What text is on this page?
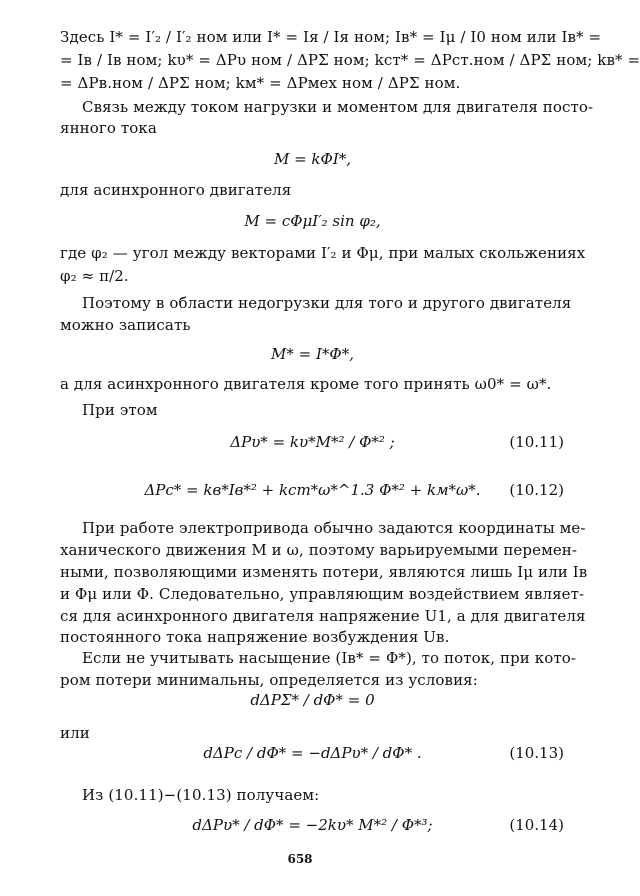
Здесь I* = I′₂ / I′₂ ном или I* = Iя / Iя ном; Iв* = Iμ / I0 ном или Iв* =
= Iв / Iв ном; kυ* = ΔPυ ном / ΔPΣ ном; kст* = ΔPст.ном / ΔPΣ ном; kв* =
= ΔPв.ном / ΔPΣ ном; kм* = ΔPмех ном / ΔPΣ ном.
Связь между током нагрузки и моментом для двигателя посто-
янного тока
M = kΦI*,
для асинхронного двигателя
M = cΦμI′₂ sin φ₂,
где φ₂ — угол между векторами I′₂ и Φμ, при малых скольжениях
φ₂ ≈ π/2.
Поэтому в области недогрузки для того и другого двигателя
можно записать
M* = I*Φ*,
а для асинхронного двигателя кроме того принять ω0* = ω*.
При этом
ΔPυ* = kυ*M*² / Φ*² ;	(10.11)
ΔPc* = kв*Iв*² + kст*ω*^1.3 Φ*² + kм*ω*.	(10.12)
При работе электропривода обычно задаются координаты ме-
ханического движения M и ω, поэтому варьируемыми перемен-
ными, позволяющими изменять потери, являются лишь Iμ или Iв
и Φμ или Φ. Следовательно, управляющим воздействием являет-
ся для асинхронного двигателя напряжение U1, а для двигателя
постоянного тока напряжение возбуждения Uв.
Если не учитывать насыщение (Iв* = Φ*), то поток, при кото-
ром потери минимальны, определяется из условия:
dΔPΣ* / dΦ* = 0
или
dΔPc / dΦ* = −dΔPυ* / dΦ* .	(10.13)
Из (10.11)−(10.13) получаем:
dΔPυ* / dΦ* = −2kυ* M*² / Φ*³;	(10.14)
658
